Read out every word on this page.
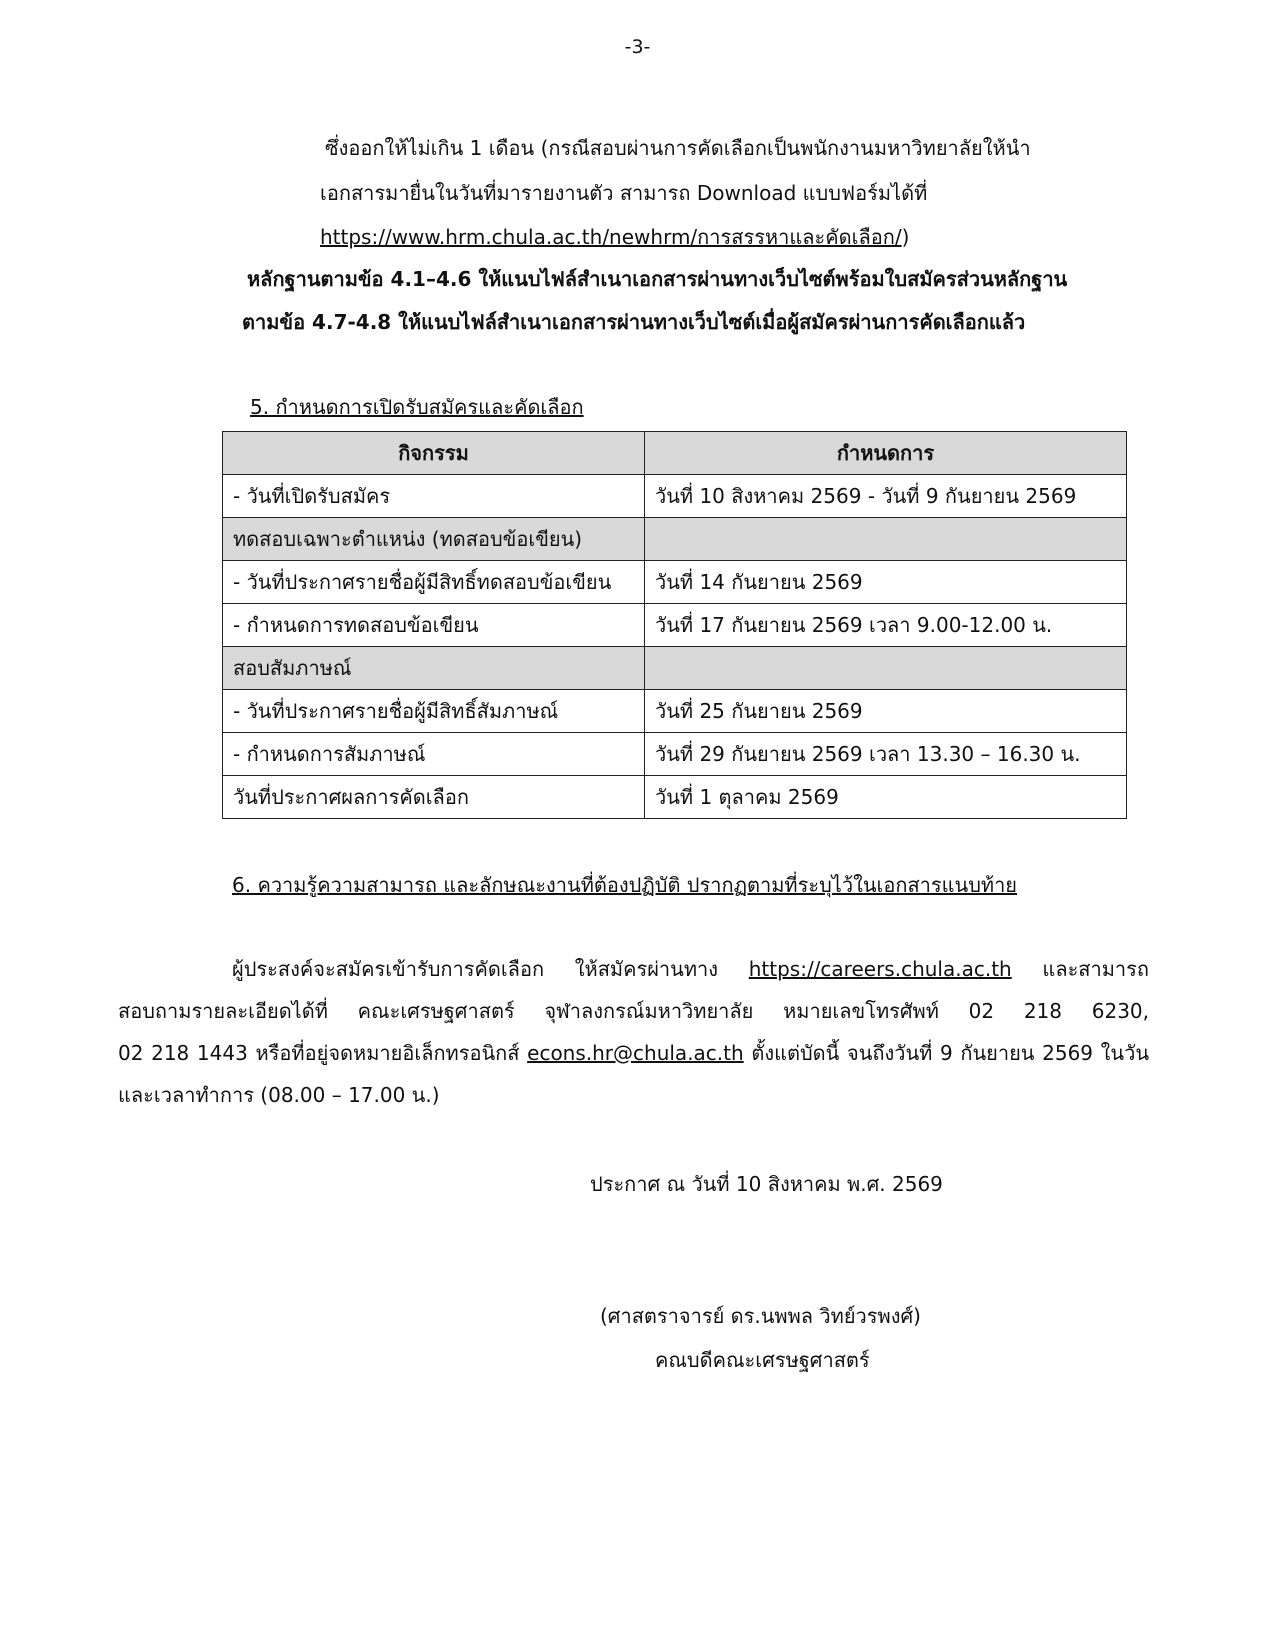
-3-
ซึ่งออกให้ไม่เกิน 1 เดือน (กรณีสอบผ่านการคัดเลือกเป็นพนักงานมหาวิทยาลัยให้นำ
เอกสารมายื่นในวันที่มารายงานตัว สามารถ Download แบบฟอร์มได้ที่
https://www.hrm.chula.ac.th/newhrm/การสรรหาและคัดเลือก/)
หลักฐานตามข้อ 4.1–4.6 ให้แนบไฟล์สำเนาเอกสารผ่านทางเว็บไซต์พร้อมใบสมัครส่วนหลักฐาน
ตามข้อ 4.7-4.8 ให้แนบไฟล์สำเนาเอกสารผ่านทางเว็บไซต์เมื่อผู้สมัครผ่านการคัดเลือกแล้ว
5. กำหนดการเปิดรับสมัครและคัดเลือก
กิจกรรม	กำหนดการ
- วันที่เปิดรับสมัคร	วันที่ 10 สิงหาคม 2569 - วันที่ 9 กันยายน 2569
ทดสอบเฉพาะตำแหน่ง (ทดสอบข้อเขียน)	
- วันที่ประกาศรายชื่อผู้มีสิทธิ์ทดสอบข้อเขียน	วันที่ 14 กันยายน 2569
- กำหนดการทดสอบข้อเขียน	วันที่ 17 กันยายน 2569 เวลา 9.00-12.00 น.
สอบสัมภาษณ์	
- วันที่ประกาศรายชื่อผู้มีสิทธิ์สัมภาษณ์	วันที่ 25 กันยายน 2569
- กำหนดการสัมภาษณ์	วันที่ 29 กันยายน 2569 เวลา 13.30 – 16.30 น.
วันที่ประกาศผลการคัดเลือก	วันที่ 1 ตุลาคม 2569
6. ความรู้ความสามารถ และลักษณะงานที่ต้องปฏิบัติ ปรากฏตามที่ระบุไว้ในเอกสารแนบท้าย
ผู้ประสงค์จะสมัครเข้ารับการคัดเลือก ให้สมัครผ่านทาง https://careers.chula.ac.th และสามารถ
สอบถามรายละเอียดได้ที่ คณะเศรษฐศาสตร์ จุฬาลงกรณ์มหาวิทยาลัย หมายเลขโทรศัพท์ 02 218 6230,
02 218 1443 หรือที่อยู่จดหมายอิเล็กทรอนิกส์ econs.hr@chula.ac.th ตั้งแต่บัดนี้ จนถึงวันที่ 9 กันยายน 2569 ในวัน
และเวลาทำการ (08.00 – 17.00 น.)
ประกาศ ณ วันที่ 10 สิงหาคม พ.ศ. 2569
(ศาสตราจารย์ ดร.นพพล วิทย์วรพงศ์)
คณบดีคณะเศรษฐศาสตร์
